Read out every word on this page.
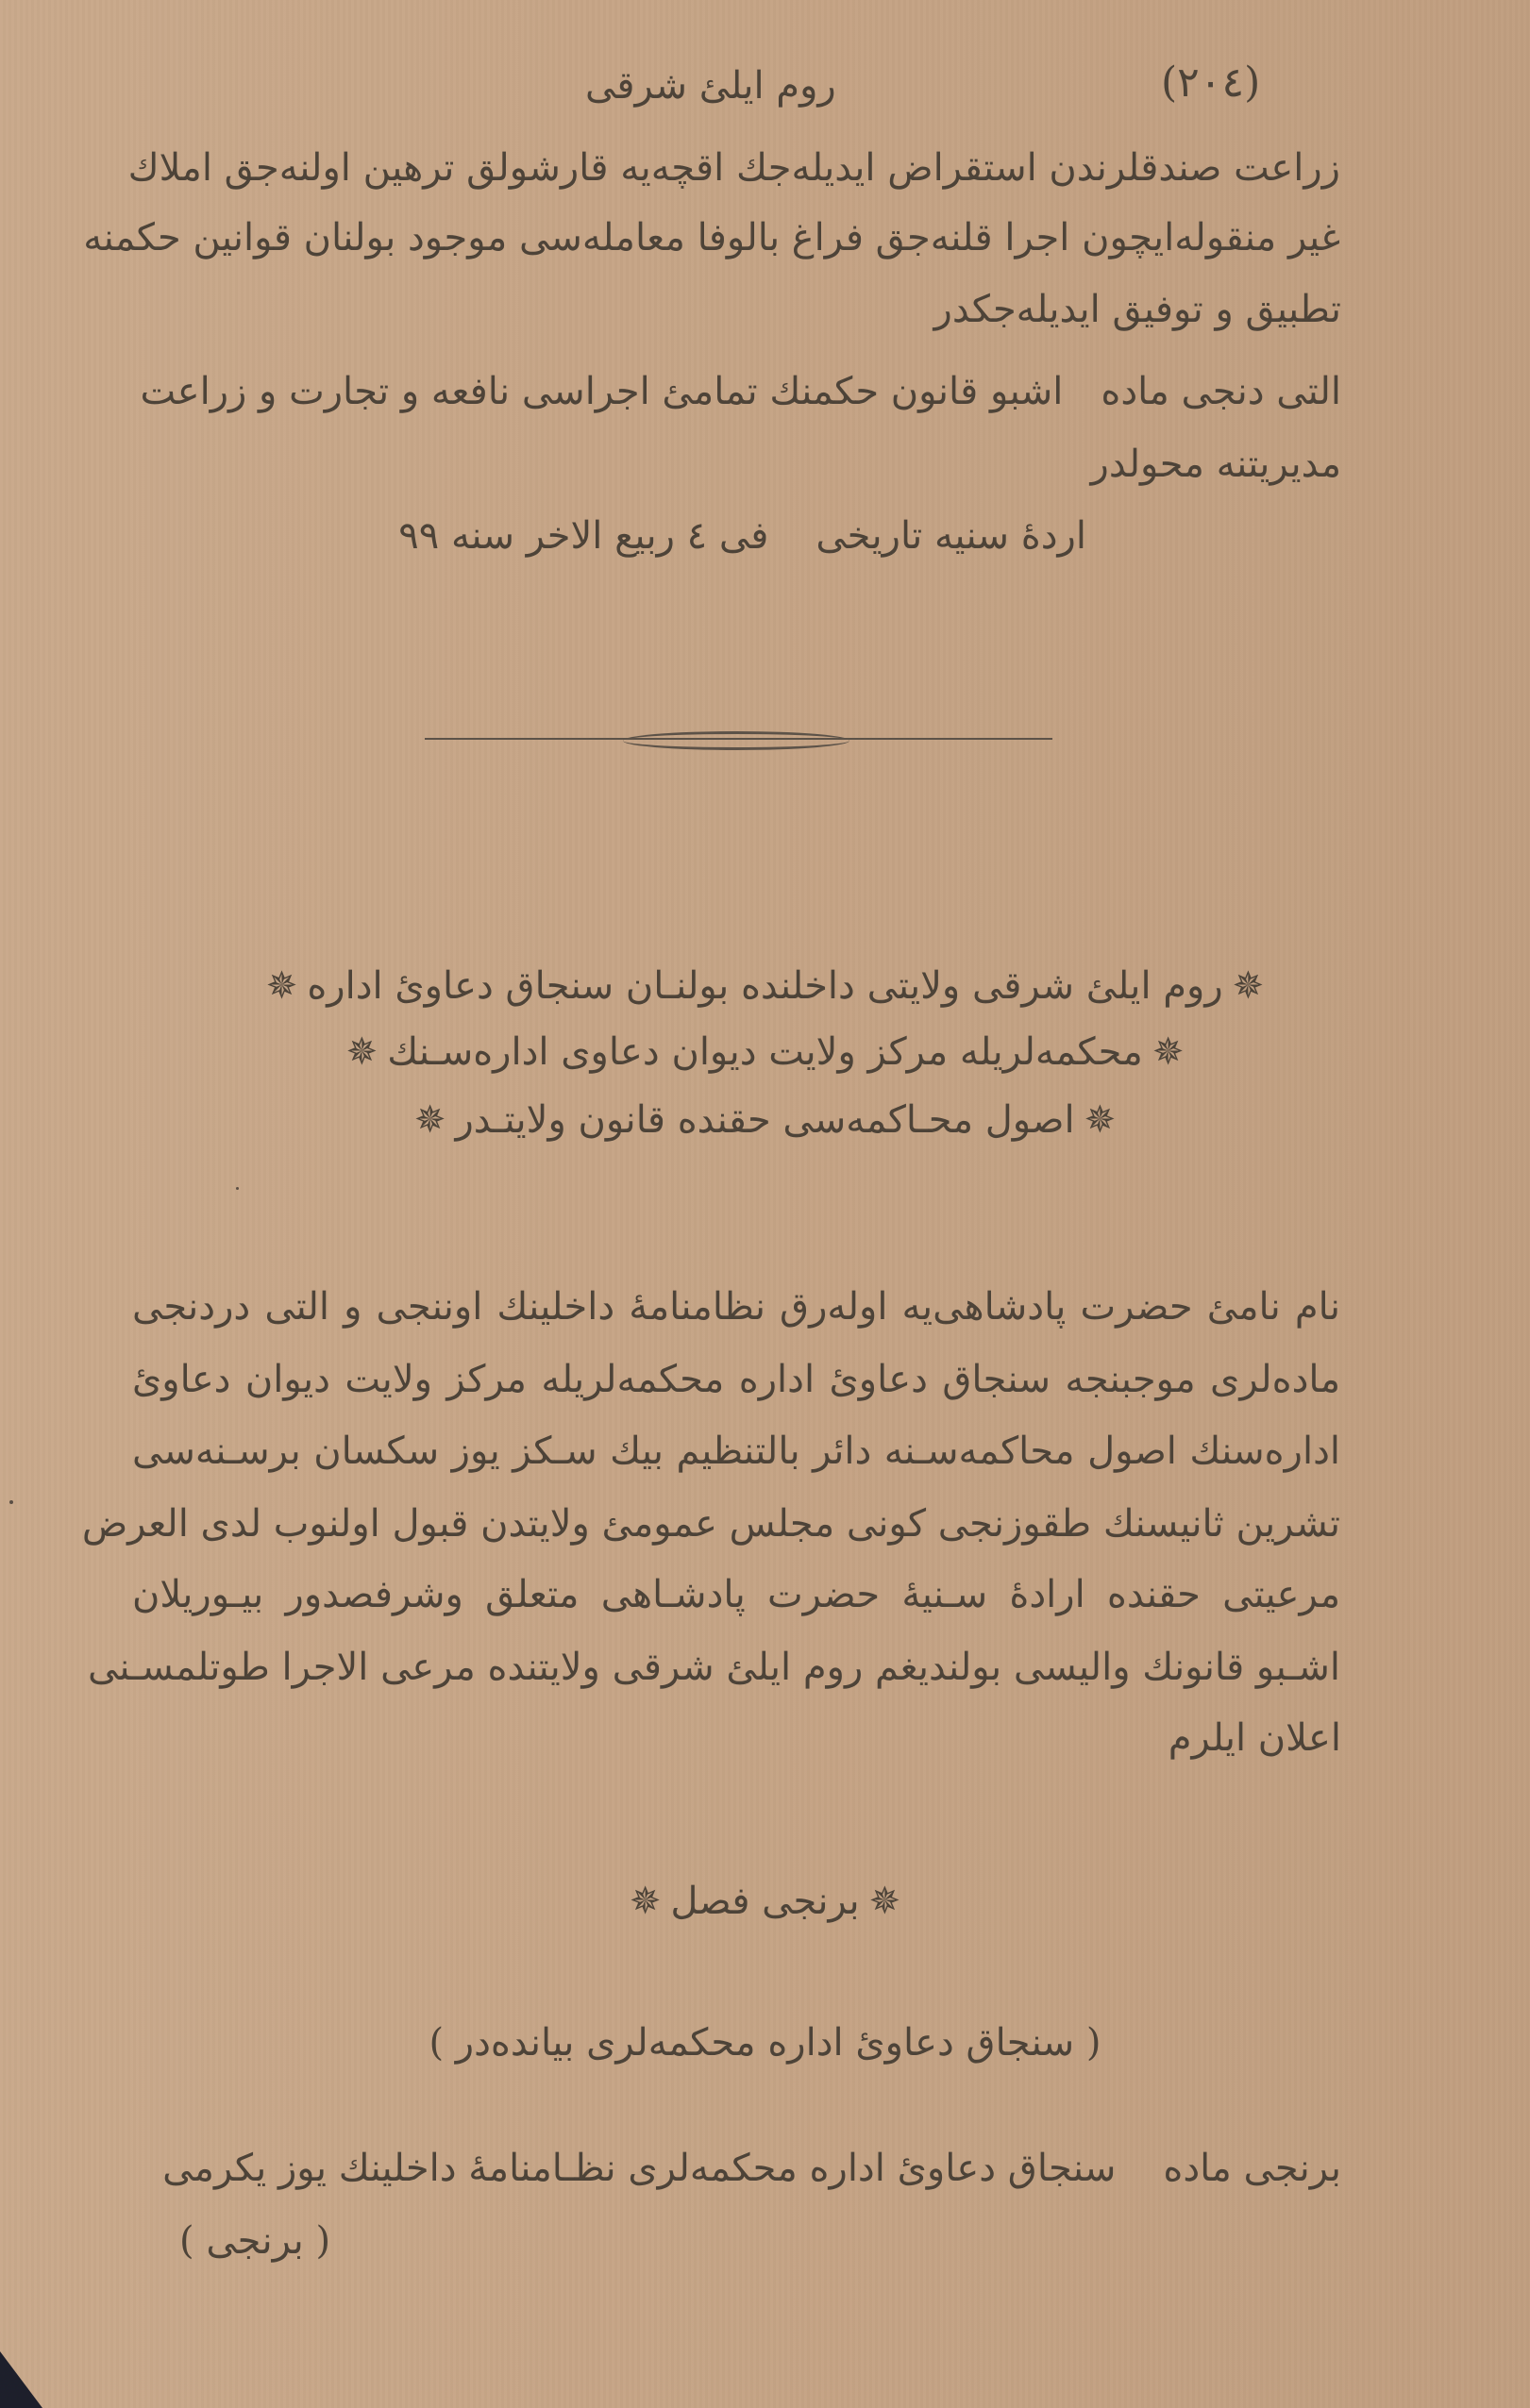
روم ایلئ شرقی	(٢٠٤)
زراعت صندقلرندن استقراض ایدیله‌جك اقچه‌یه قارشولق ترهین اولنه‌جق املاك
غیر منقوله‌ایچون اجرا قلنه‌جق فراغ بالوفا معامله‌سی موجود بولنان قوانین حکمنه
تطبیق و توفیق ایدیله‌جکدر
التی دنجی ماده
اشبو قانون حکمنك تمامئ اجراسی نافعه و تجارت و زراعت
مدیریتنه محولدر
ارده‌ٔ سنیه تاریخی
فی ٤ ربیع الاخر سنه ٩٩
✵روم ایلئ شرقی ولایتی داخلنده بولنـان سنجاق دعاوئ اداره✵
✵محکمه‌لریله مرکز ولایت دیوان دعاوی اداره‌سـنك✵
✵اصول محـاکمه‌سی حقنده قانون ولایتـدر✵
نام نامئ حضرت پادشاهی‌یه اوله‌رق نظامنامهٔ داخلینك اوننجی و التی دردنجی
ماده‌لری موجبنجه سنجاق دعاوئ اداره محکمه‌لریله مرکز ولایت دیوان دعاوئ
اداره‌سنك اصول محاکمه‌سـنه دائر بالتنظیم بیك سـکز یوز سکسان برسـنه‌سی
تشرین ثانیسنك طقوزنجی کونی مجلس عمومئ ولایتدن قبول اولنوب لدی العرض
مرعیتی حقنده ارادهٔ سـنیهٔ حضرت پادشـاهی متعلق وشرفصدور بیـوریلان
اشـبو قانونك والیسی بولندیغم روم ایلئ شرقی ولایتنده مرعی الاجرا طوتلمسـنی
اعلان ایلرم
✵برنجی فصل✵
( سنجاق دعاوئ اداره محکمه‌لری بیانده‌در )
برنجی ماده
سنجاق دعاوئ اداره محکمه‌لری نظـامنامهٔ داخلینك یوز یکرمی
( برنجی )
